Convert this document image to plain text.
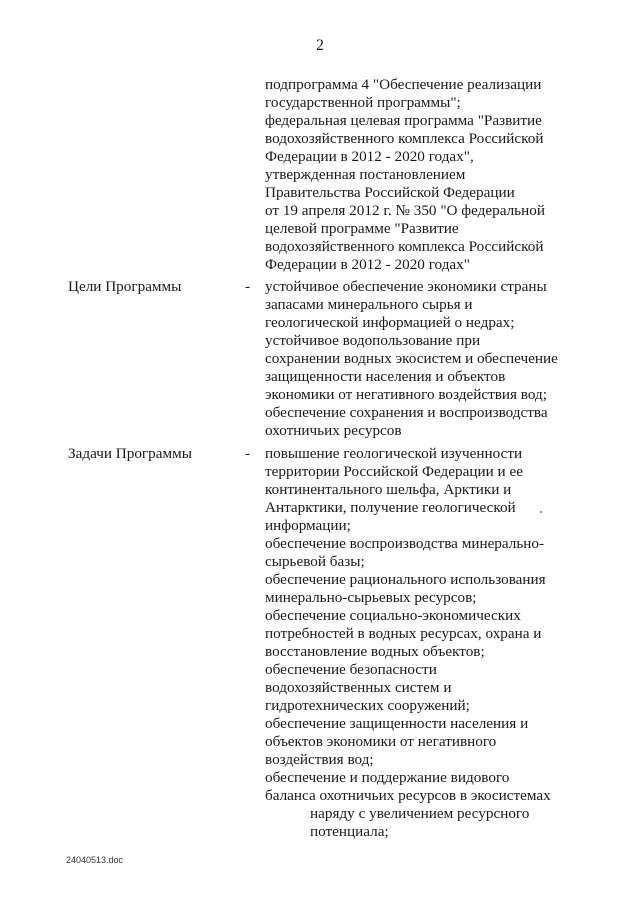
2
подпрограмма 4 "Обеспечение реализации
государственной программы";
федеральная целевая программа "Развитие
водохозяйственного комплекса Российской
Федерации в 2012 - 2020 годах",
утвержденная постановлением
Правительства Российской Федерации
от 19 апреля 2012 г. № 350 "О федеральной
целевой программе "Развитие
водохозяйственного комплекса Российской
Федерации в 2012 - 2020 годах"
Цели Программы	- устойчивое обеспечение экономики страны
запасами минерального сырья и
геологической информацией о недрах;
устойчивое водопользование при
сохранении водных экосистем и обеспечение
защищенности населения и объектов
экономики от негативного воздействия вод;
обеспечение сохранения и воспроизводства
охотничьих ресурсов
Задачи Программы	- повышение геологической изученности
территории Российской Федерации и ее
континентального шельфа, Арктики и
Антарктики, получение геологической
информации;
обеспечение воспроизводства минерально-
сырьевой базы;
обеспечение рационального использования
минерально-сырьевых ресурсов;
обеспечение социально-экономических
потребностей в водных ресурсах, охрана и
восстановление водных объектов;
обеспечение безопасности
водохозяйственных систем и
гидротехнических сооружений;
обеспечение защищенности населения и
объектов экономики от негативного
воздействия вод;
обеспечение и поддержание видового
баланса охотничьих ресурсов в экосистемах
наряду с увеличением ресурсного
потенциала;
24040513.doc
